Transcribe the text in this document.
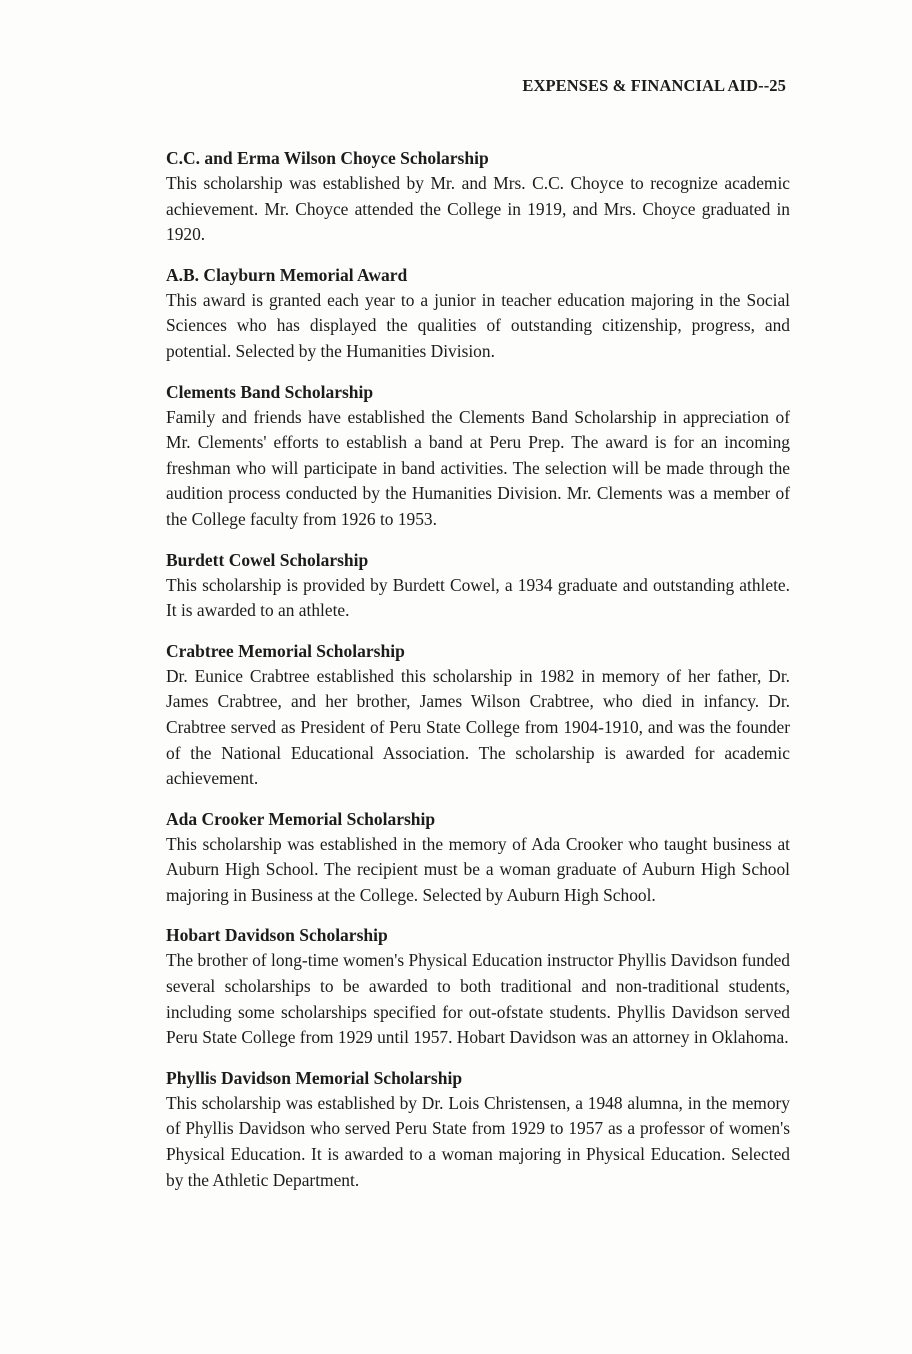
EXPENSES & FINANCIAL AID--25

C.C. and Erma Wilson Choyce Scholarship

This scholarship was established by Mr. and Mrs. C.C. Choyce to recognize academic achievement. Mr. Choyce attended the College in 1919, and Mrs. Choyce graduated in 1920.

A.B. Clayburn Memorial Award

This award is granted each year to a junior in teacher education majoring in the Social Sciences who has displayed the qualities of outstanding citizenship, progress, and potential. Selected by the Humanities Division.

Clements Band Scholarship

Family and friends have established the Clements Band Scholarship in appreciation of Mr. Clements' efforts to establish a band at Peru Prep. The award is for an incoming freshman who will participate in band activities. The selection will be made through the audition process conducted by the Humanities Division. Mr. Clements was a member of the College faculty from 1926 to 1953.

Burdett Cowel Scholarship

This scholarship is provided by Burdett Cowel, a 1934 graduate and outstanding athlete. It is awarded to an athlete.

Crabtree Memorial Scholarship

Dr. Eunice Crabtree established this scholarship in 1982 in memory of her father, Dr. James Crabtree, and her brother, James Wilson Crabtree, who died in infancy. Dr. Crabtree served as President of Peru State College from 1904-1910, and was the founder of the National Educational Association. The scholarship is awarded for academic achievement.

Ada Crooker Memorial Scholarship

This scholarship was established in the memory of Ada Crooker who taught business at Auburn High School. The recipient must be a woman graduate of Auburn High School majoring in Business at the College. Selected by Auburn High School.

Hobart Davidson Scholarship

The brother of long-time women's Physical Education instructor Phyllis Davidson funded several scholarships to be awarded to both traditional and non-traditional students, including some scholarships specified for out-ofstate students. Phyllis Davidson served Peru State College from 1929 until 1957. Hobart Davidson was an attorney in Oklahoma.

Phyllis Davidson Memorial Scholarship

This scholarship was established by Dr. Lois Christensen, a 1948 alumna, in the memory of Phyllis Davidson who served Peru State from 1929 to 1957 as a professor of women's Physical Education. It is awarded to a woman majoring in Physical Education. Selected by the Athletic Department.
